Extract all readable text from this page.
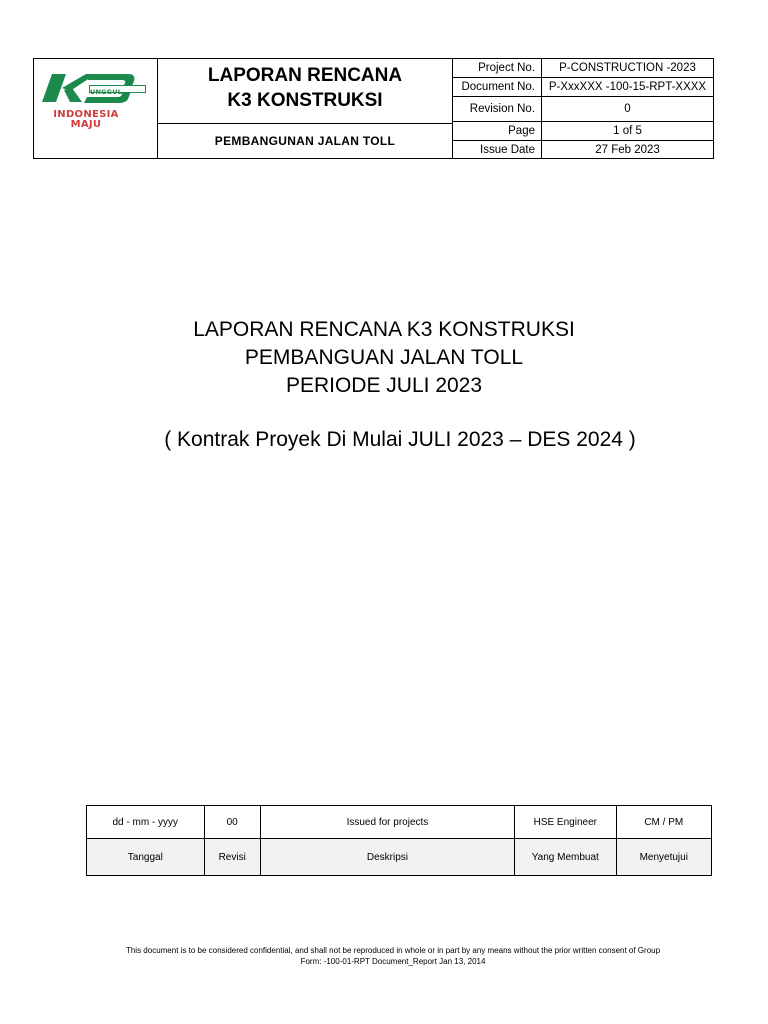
UNGGUL
INDONESIA
MAJU
LAPORAN RENCANA
K3 KONSTRUKSI
PEMBANGUNAN JALAN TOLL
Project No.	P-CONSTRUCTION -2023
Document No.	P-XxxXXX -100-15-RPT-XXXX
Revision No.	0
Page	1 of 5
Issue Date	27 Feb 2023
LAPORAN RENCANA K3 KONSTRUKSI
PEMBANGUAN JALAN TOLL
PERIODE JULI 2023
( Kontrak Proyek Di Mulai JULI 2023 – DES 2024 )
dd - mm - yyyy	00	Issued for projects	HSE Engineer	CM / PM
Tanggal	Revisi	Deskripsi	Yang Membuat	Menyetujui
This document is to be considered confidential, and shall not be reproduced in whole or in part by any means without the prior written consent of Group
Form: -100-01-RPT Document_Report Jan 13, 2014
